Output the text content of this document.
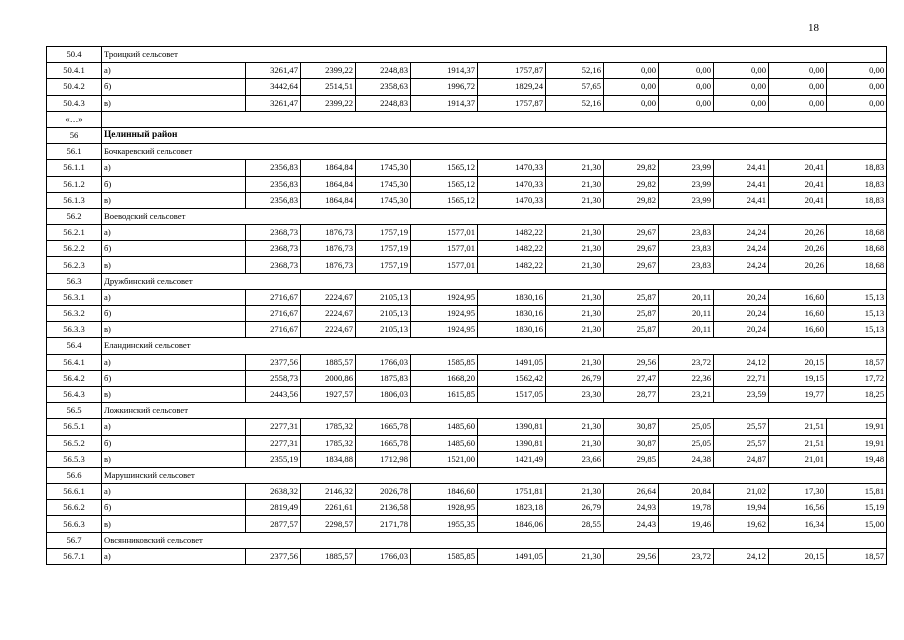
18
50.4	Троицкий сельсовет											
50.4.1	а)	3261,47	2399,22	2248,83	1914,37	1757,87	52,16	0,00	0,00	0,00	0,00	0,00
50.4.2	б)	3442,64	2514,51	2358,63	1996,72	1829,24	57,65	0,00	0,00	0,00	0,00	0,00
50.4.3	в)	3261,47	2399,22	2248,83	1914,37	1757,87	52,16	0,00	0,00	0,00	0,00	0,00
«…»												
56	Целинный район											
56.1	Бочкаревский сельсовет											
56.1.1	а)	2356,83	1864,84	1745,30	1565,12	1470,33	21,30	29,82	23,99	24,41	20,41	18,83
56.1.2	б)	2356,83	1864,84	1745,30	1565,12	1470,33	21,30	29,82	23,99	24,41	20,41	18,83
56.1.3	в)	2356,83	1864,84	1745,30	1565,12	1470,33	21,30	29,82	23,99	24,41	20,41	18,83
56.2	Воеводский сельсовет											
56.2.1	а)	2368,73	1876,73	1757,19	1577,01	1482,22	21,30	29,67	23,83	24,24	20,26	18,68
56.2.2	б)	2368,73	1876,73	1757,19	1577,01	1482,22	21,30	29,67	23,83	24,24	20,26	18,68
56.2.3	в)	2368,73	1876,73	1757,19	1577,01	1482,22	21,30	29,67	23,83	24,24	20,26	18,68
56.3	Дружбинский сельсовет											
56.3.1	а)	2716,67	2224,67	2105,13	1924,95	1830,16	21,30	25,87	20,11	20,24	16,60	15,13
56.3.2	б)	2716,67	2224,67	2105,13	1924,95	1830,16	21,30	25,87	20,11	20,24	16,60	15,13
56.3.3	в)	2716,67	2224,67	2105,13	1924,95	1830,16	21,30	25,87	20,11	20,24	16,60	15,13
56.4	Еландинский сельсовет											
56.4.1	а)	2377,56	1885,57	1766,03	1585,85	1491,05	21,30	29,56	23,72	24,12	20,15	18,57
56.4.2	б)	2558,73	2000,86	1875,83	1668,20	1562,42	26,79	27,47	22,36	22,71	19,15	17,72
56.4.3	в)	2443,56	1927,57	1806,03	1615,85	1517,05	23,30	28,77	23,21	23,59	19,77	18,25
56.5	Ложкинский сельсовет											
56.5.1	а)	2277,31	1785,32	1665,78	1485,60	1390,81	21,30	30,87	25,05	25,57	21,51	19,91
56.5.2	б)	2277,31	1785,32	1665,78	1485,60	1390,81	21,30	30,87	25,05	25,57	21,51	19,91
56.5.3	в)	2355,19	1834,88	1712,98	1521,00	1421,49	23,66	29,85	24,38	24,87	21,01	19,48
56.6	Марушинский сельсовет											
56.6.1	а)	2638,32	2146,32	2026,78	1846,60	1751,81	21,30	26,64	20,84	21,02	17,30	15,81
56.6.2	б)	2819,49	2261,61	2136,58	1928,95	1823,18	26,79	24,93	19,78	19,94	16,56	15,19
56.6.3	в)	2877,57	2298,57	2171,78	1955,35	1846,06	28,55	24,43	19,46	19,62	16,34	15,00
56.7	Овсянниковский сельсовет											
56.7.1	а)	2377,56	1885,57	1766,03	1585,85	1491,05	21,30	29,56	23,72	24,12	20,15	18,57
